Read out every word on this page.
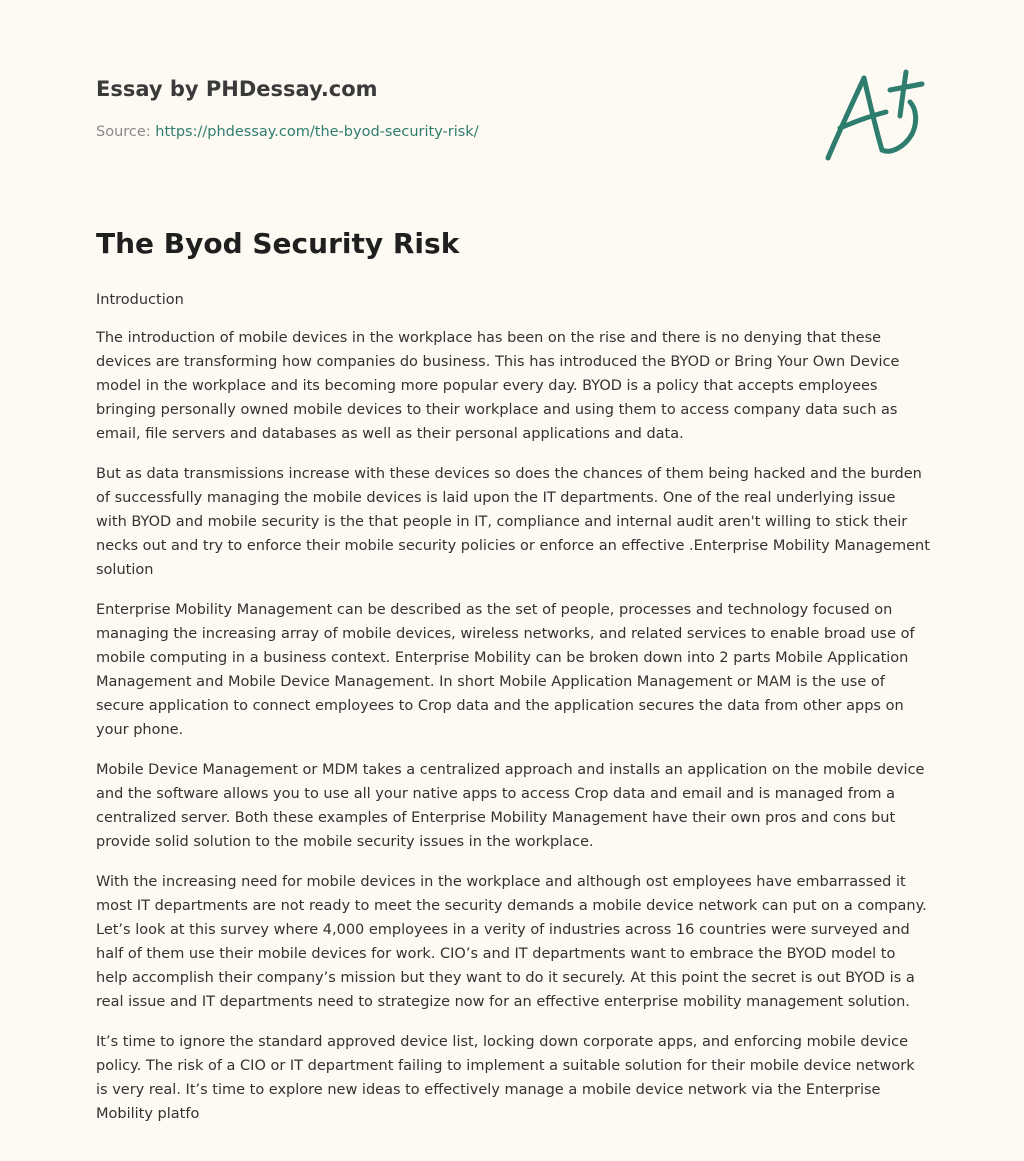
Essay by PHDessay.com
Source: https://phdessay.com/the-byod-security-risk/
The Byod Security Risk

Introduction

The introduction of mobile devices in the workplace has been on the rise and there is no denying that these devices are transforming how companies do business. This has introduced the BYOD or Bring Your Own Device model in the workplace and its becoming more popular every day. BYOD is a policy that accepts employees bringing personally owned mobile devices to their workplace and using them to access company data such as email, file servers and databases as well as their personal applications and data.

But as data transmissions increase with these devices so does the chances of them being hacked and the burden of successfully managing the mobile devices is laid upon the IT departments. One of the real underlying issue with BYOD and mobile security is the that people in IT, compliance and internal audit aren't willing to stick their necks out and try to enforce their mobile security policies or enforce an effective .Enterprise Mobility Management solution

Enterprise Mobility Management can be described as the set of people, processes and technology focused on managing the increasing array of mobile devices, wireless networks, and related services to enable broad use of mobile computing in a business context. Enterprise Mobility can be broken down into 2 parts Mobile Application Management and Mobile Device Management. In short Mobile Application Management or MAM is the use of secure application to connect employees to Crop data and the application secures the data from other apps on your phone.

Mobile Device Management or MDM takes a centralized approach and installs an application on the mobile device and the software allows you to use all your native apps to access Crop data and email and is managed from a centralized server. Both these examples of Enterprise Mobility Management have their own pros and cons but provide solid solution to the mobile security issues in the workplace.

With the increasing need for mobile devices in the workplace and although ost employees have embarrassed it most IT departments are not ready to meet the security demands a mobile device network can put on a company. Let’s look at this survey where 4,000 employees in a verity of industries across 16 countries were surveyed and half of them use their mobile devices for work. CIO’s and IT departments want to embrace the BYOD model to help accomplish their company’s mission but they want to do it securely. At this point the secret is out BYOD is a real issue and IT departments need to strategize now for an effective enterprise mobility management solution.

It’s time to ignore the standard approved device list, locking down corporate apps, and enforcing mobile device policy. The risk of a CIO or IT department failing to implement a suitable solution for their mobile device network is very real. It’s time to explore new ideas to effectively manage a mobile device network via the Enterprise Mobility platfo
